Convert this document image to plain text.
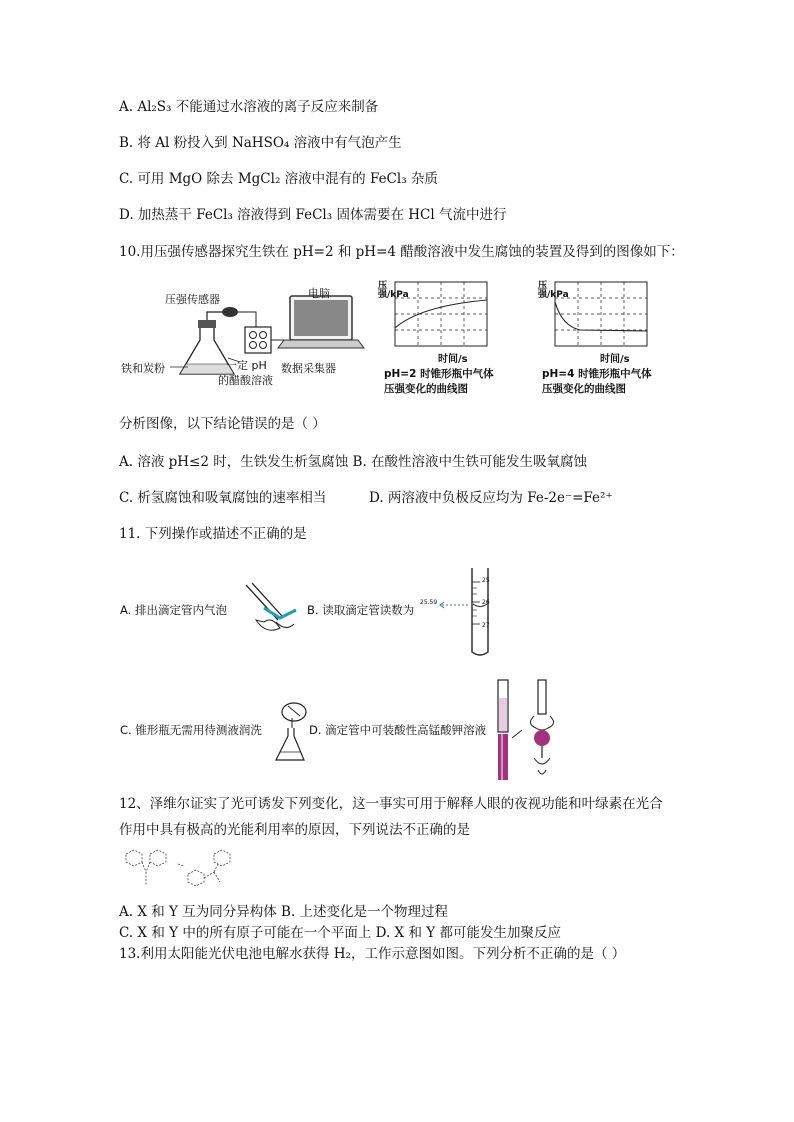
A. Al₂S₃ 不能通过水溶液的离子反应来制备
B. 将 Al 粉投入到 NaHSO₄ 溶液中有气泡产生
C. 可用 MgO 除去 MgCl₂ 溶液中混有的 FeCl₃ 杂质
D. 加热蒸干 FeCl₃ 溶液得到 FeCl₃ 固体需要在 HCl 气流中进行
10.用压强传感器探究生铁在 pH=2 和 pH=4 醋酸溶液中发生腐蚀的装置及得到的图像如下：
压强传感器	电脑
铁和炭粉	一定 pH
的醋酸溶液
数据采集器
压强/kPa
时间/s
pH=2 时锥形瓶中气体
压强变化的曲线图
压强/kPa
时间/s
pH=4 时锥形瓶中气体
压强变化的曲线图
分析图像，以下结论错误的是（ ）
A. 溶液 pH≤2 时，生铁发生析氢腐蚀 B. 在酸性溶液中生铁可能发生吸氧腐蚀
C. 析氢腐蚀和吸氧腐蚀的速率相当	D. 两溶液中负极反应均为 Fe-2e⁻=Fe²⁺
11. 下列操作或描述不正确的是
A. 排出滴定管内气泡	B. 读取滴定管读数为
25.59
25
26
27
C. 锥形瓶无需用待测液润洗	D. 滴定管中可装酸性高锰酸钾溶液
12、泽维尔证实了光可诱发下列变化，这一事实可用于解释人眼的夜视功能和叶绿素在光合
作用中具有极高的光能利用率的原因，下列说法不正确的是
A. X 和 Y 互为同分异构体 B. 上述变化是一个物理过程
C. X 和 Y 中的所有原子可能在一个平面上 D. X 和 Y 都可能发生加聚反应
13.利用太阳能光伏电池电解水获得 H₂，工作示意图如图。下列分析不正确的是（ ）
